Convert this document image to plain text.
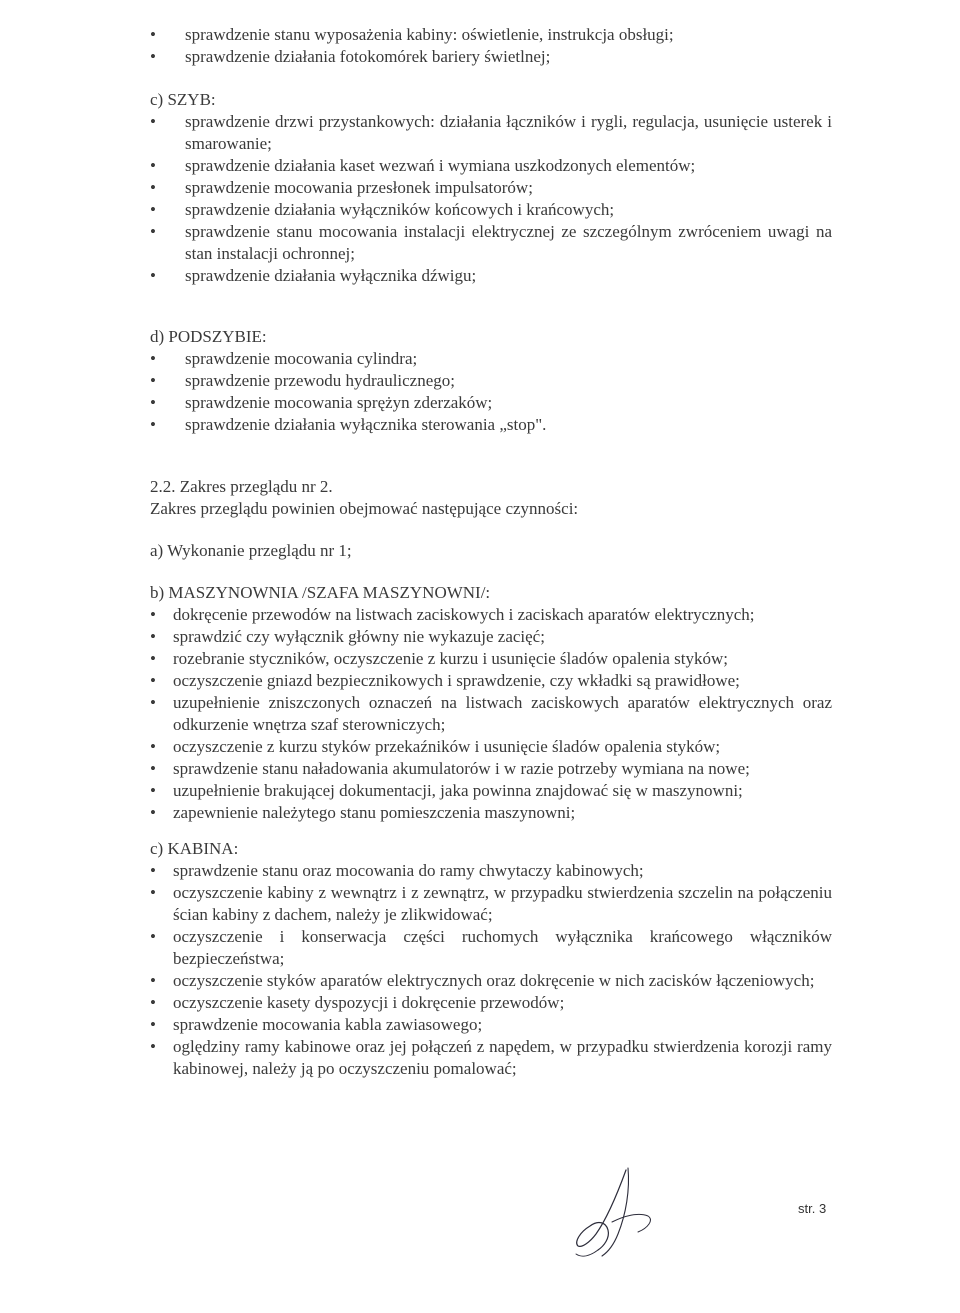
• sprawdzenie stanu wyposażenia kabiny: oświetlenie, instrukcja obsługi;
• sprawdzenie działania fotokomórek bariery świetlnej;

c) SZYB:

• sprawdzenie drzwi przystankowych: działania łączników i rygli, regulacja, usunięcie usterek i smarowanie;
• sprawdzenie działania kaset wezwań i wymiana uszkodzonych elementów;
• sprawdzenie mocowania przesłonek impulsatorów;
• sprawdzenie działania wyłączników końcowych i krańcowych;
• sprawdzenie stanu mocowania instalacji elektrycznej ze szczególnym zwróceniem uwagi na stan instalacji ochronnej;
• sprawdzenie działania wyłącznika dźwigu;

d) PODSZYBIE:

• sprawdzenie mocowania cylindra;
• sprawdzenie przewodu hydraulicznego;
• sprawdzenie mocowania sprężyn zderzaków;
• sprawdzenie działania wyłącznika sterowania „stop".

2.2. Zakres przeglądu nr 2.

Zakres przeglądu powinien obejmować następujące czynności:

a) Wykonanie przeglądu nr 1;

b) MASZYNOWNIA /SZAFA MASZYNOWNI/:

• dokręcenie przewodów na listwach zaciskowych i zaciskach aparatów elektrycznych;
• sprawdzić czy wyłącznik główny nie wykazuje zacięć;
• rozebranie styczników, oczyszczenie z kurzu i usunięcie śladów opalenia styków;
• oczyszczenie gniazd bezpiecznikowych i sprawdzenie, czy wkładki są prawidłowe;
• uzupełnienie zniszczonych oznaczeń na listwach zaciskowych aparatów elektrycznych oraz odkurzenie wnętrza szaf sterowniczych;
• oczyszczenie z kurzu styków przekaźników i usunięcie śladów opalenia styków;
• sprawdzenie stanu naładowania akumulatorów i w razie potrzeby wymiana na nowe;
• uzupełnienie brakującej dokumentacji, jaka powinna znajdować się w maszynowni;
• zapewnienie należytego stanu pomieszczenia maszynowni;

c) KABINA:

• sprawdzenie stanu oraz mocowania do ramy chwytaczy kabinowych;
• oczyszczenie kabiny z wewnątrz i z zewnątrz, w przypadku stwierdzenia szczelin na połączeniu ścian kabiny z dachem, należy je zlikwidować;
• oczyszczenie i konserwacja części ruchomych wyłącznika krańcowego włączników bezpieczeństwa;
• oczyszczenie styków aparatów elektrycznych oraz dokręcenie w nich zacisków łączeniowych;
• oczyszczenie kasety dyspozycji i dokręcenie przewodów;
• sprawdzenie mocowania kabla zawiasowego;
• oględziny ramy kabinowe oraz jej połączeń z napędem, w przypadku stwierdzenia korozji ramy kabinowej, należy ją po oczyszczeniu pomalować;
str. 3
